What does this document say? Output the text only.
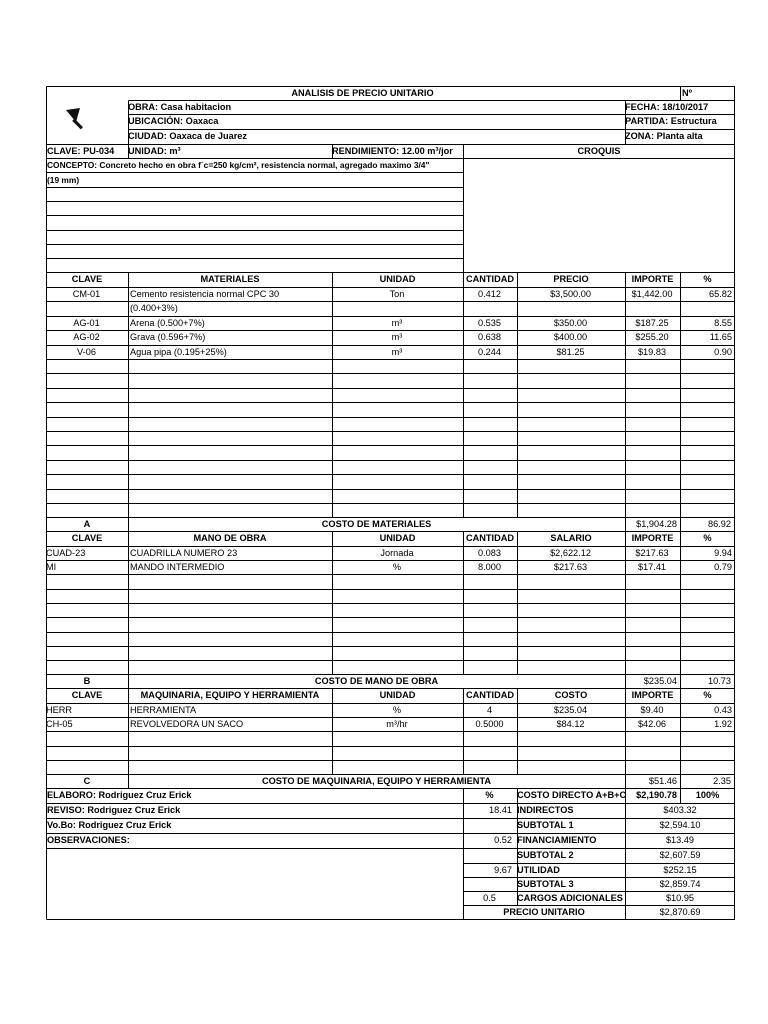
ANALISIS DE PRECIO UNITARIO	Nº
OBRA: Casa habitacion
UBICACIÓN: Oaxaca
CIUDAD: Oaxaca de Juarez
FECHA: 18/10/2017
PARTIDA: Estructura
ZONA: Planta alta
CLAVE: PU-034 UNIDAD: m³	RENDIMIENTO: 12.00 m³/jor	CROQUIS
CONCEPTO: Concreto hecho en obra f´c=250 kg/cm², resistencia normal, agregado maximo 3/4"
(19 mm)
A	COSTO DE MATERIALES	$1,904.28	86.92
B	COSTO DE MANO DE OBRA	$235.04	10.73
C	COSTO DE MAQUINARIA, EQUIPO Y HERRAMIENTA	$51.46	2.35
ELABORO: Rodriguez Cruz Erick	%	COSTO DIRECTO A+B+C	$2,190.78	100%
REVISO: Rodriguez Cruz Erick	18.41 INDIRECTOS	$403.32
Vo.Bo: Rodriguez Cruz Erick	SUBTOTAL 1	$2,594.10
OBSERVACIONES:	0.52 FINANCIAMIENTO	$13.49
SUBTOTAL 2	$2,607.59
9.67 UTILIDAD	$252.15
SUBTOTAL 3	$2,859.74
0.5	CARGOS ADICIONALES	$10.95
PRECIO UNITARIO	$2,870.69
CLAVE	MATERIALES	UNIDAD	CANTIDAD	PRECIO	IMPORTE	%
CM-01	Cemento resistencia normal CPC 30	Ton	0.412	$3,500.00	$1,442.00	65.82
(0.400+3%)
AG-01	Arena (0.500+7%)	m³	0.535	$350.00	$187.25	8.55
AG-02	Grava (0.596+7%)	m³	0.638	$400.00	$255.20	11.65
V-06	Agua pipa (0.195+25%)	m³	0.244	$81.25	$19.83	0.90
CLAVE	MANO DE OBRA	UNIDAD	CANTIDAD	SALARIO	IMPORTE	%
CUAD-23	CUADRILLA NUMERO 23	Jornada	0.083	$2,622.12	$217.63	9.94
MI	MANDO INTERMEDIO	%	8.000	$217.63	$17.41	0.79
CLAVE	MAQUINARIA, EQUIPO Y HERRAMIENTA	UNIDAD	CANTIDAD	COSTO	IMPORTE	%
HERR	HERRAMIENTA	%	4	$235.04	$9.40	0.43
CH-05	REVOLVEDORA UN SACO	m³/hr	0.5000	$84.12	$42.06	1.92
